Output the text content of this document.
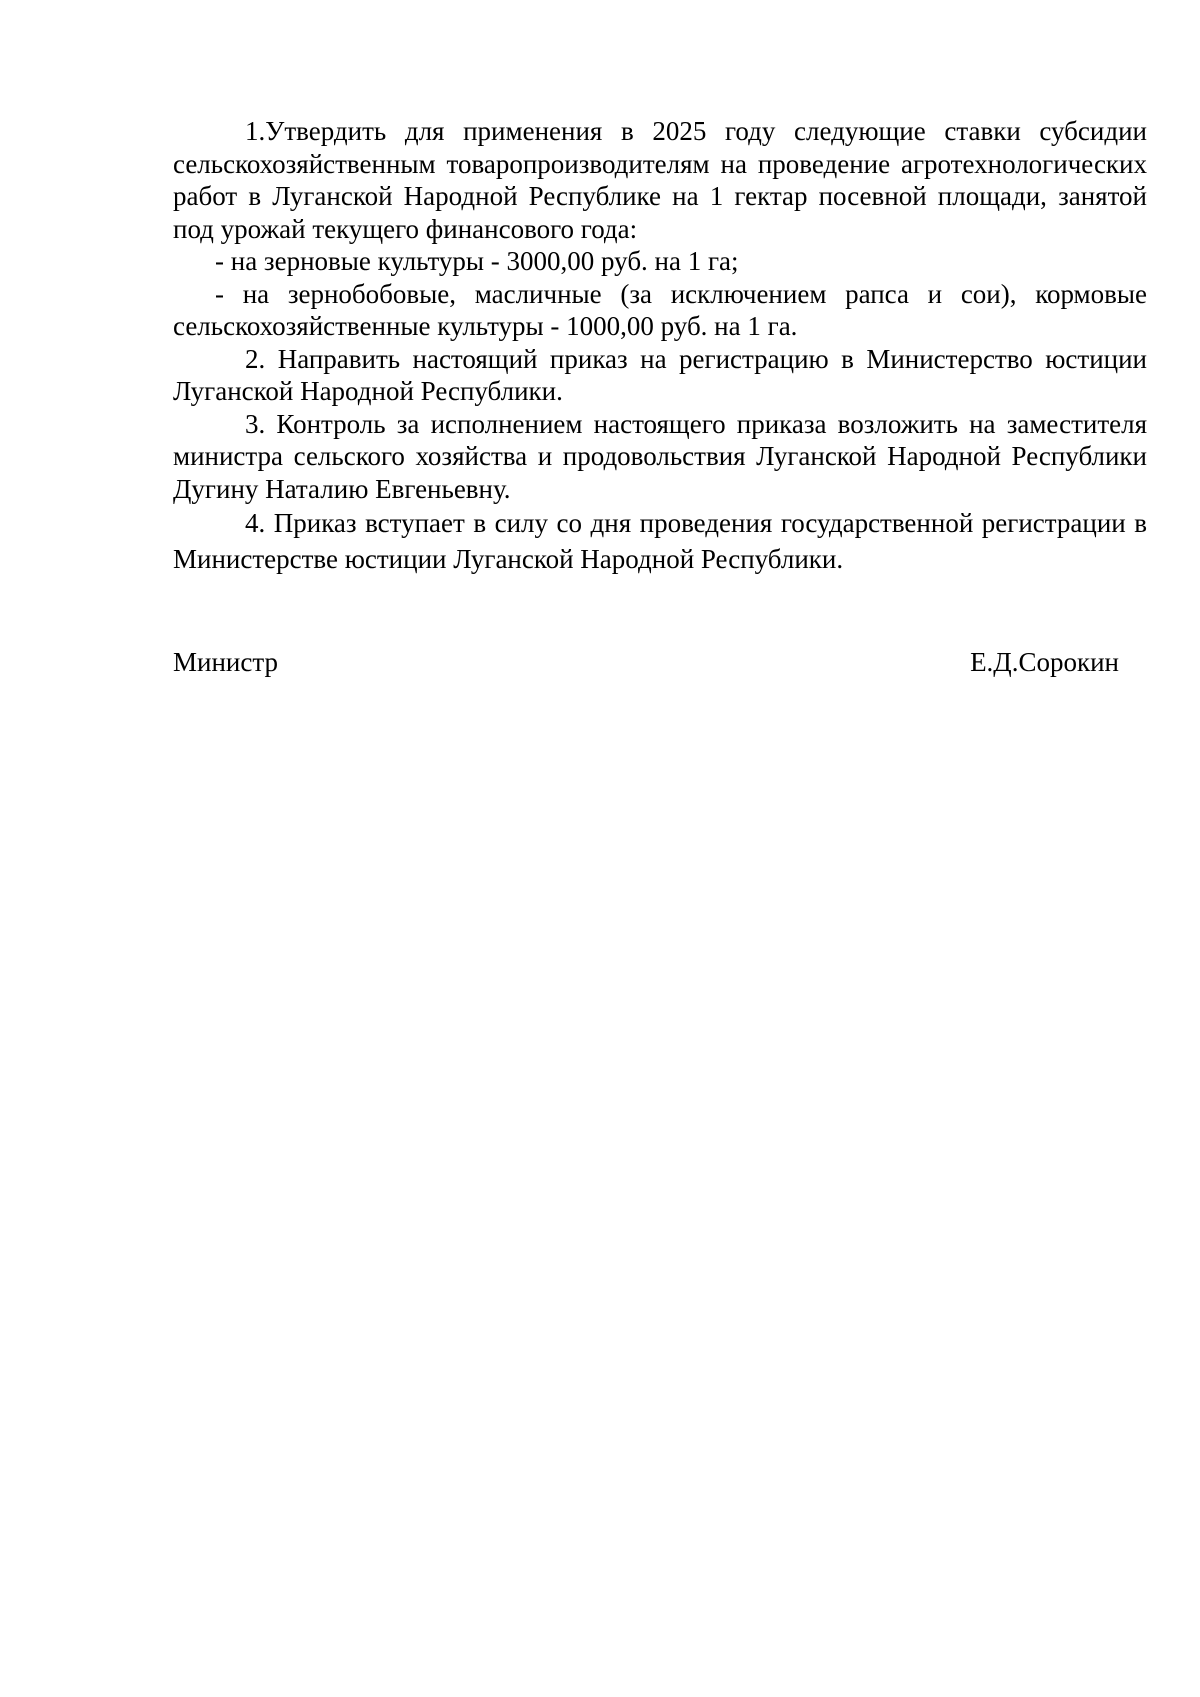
1.Утвердить для применения в 2025 году следующие ставки субсидии сельскохозяйственным товаропроизводителям на проведение агротехнологических работ в Луганской Народной Республике на 1 гектар посевной площади, занятой под урожай текущего финансового года:

- на зерновые культуры - 3000,00 руб. на 1 га;

- на зернобобовые, масличные (за исключением рапса и сои), кормовые сельскохозяйственные культуры - 1000,00 руб. на 1 га.

2. Направить настоящий приказ на регистрацию в Министерство юстиции Луганской Народной Республики.

3. Контроль за исполнением настоящего приказа возложить на заместителя министра сельского хозяйства и продовольствия Луганской Народной Республики Дугину Наталию Евгеньевну.

4. Приказ вступает в силу со дня проведения государственной регистрации в Министерстве юстиции Луганской Народной Республики.

Министр	Е.Д.Сорокин
